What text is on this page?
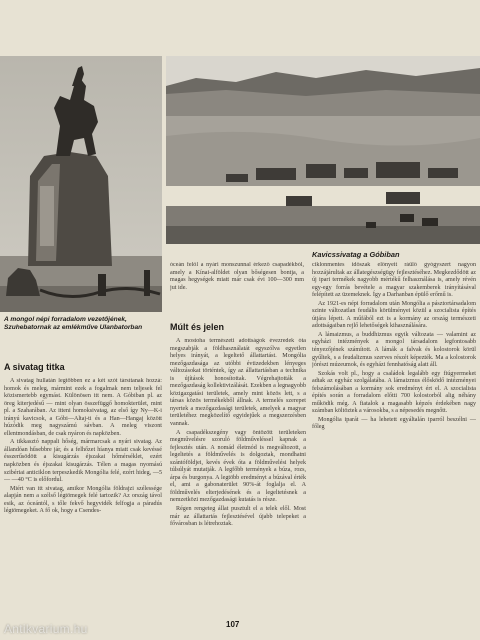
A mongol népi forradalom vezetőjének, Szuhebatornak az emlékműve Ulanbatorban
Kavicssivatag a Góbiban
A sivatag titka
Múlt és jelen

A sivatag hullatán legtöbben ez a két szót társítanak hozzá: homok és meleg, mármint ezek a fogalmak nem teljesek fel közismertebb egymást. Különösen itt nem. A Góbiban pl. az öreg kiterjedésű — mint olyan összefüggő homokterület, mint pl. a Szaharában. Az itteni homoksivatag, az első így Ny—K-i irányú kavicsok, a Góbi—Altaj-ti és a Han—Hangaj között húzódik meg nagyszámú sávban. A meleg viszont ellentmondásban, de csak nyáron és napközben.

A tikkasztó nappali hőség, mármarcsak a nyári sivatag. Az állandóan hűsebbre jár, és a felhőzet híanya miatt csak kevéssé ésszerűsödött a kisugárzás éjszakai hőmérséklet, ezért napközben és éjszakai kisugárzás. Télen a magas nyomású szibériai anticiklon terpeszkedik Mongólia felé, ezért hideg, —5— —40 °C is előfordul.

Miért van itt sivatag, amikor Mongólia földrajzi szélessége alapján nem a szélső légtömegek felé tartozik? Az ország távol esik, az óceántól, s tőle fekvő hegyvidék felfogja a páradús légtömegeket. A fő ok, hogy a Csendes-

óceán felől a nyári monszunnal érkező csapadékból, amely a Kínai-alföldet olyan bőségesen bontja, a magas hegységek miatt már csak évi 100—300 mm jut ide.

A mostoha természeti adottságok évezredek óta megszabják a földhasználatát egyszólva egyetlen helyes irányát, a legeltető állattartást. Mongólia mezőgazdasága az utóbbi évtizedekben lényeges változásokat történtek, így az állattartásban a technika is újítások honosítottak. Végrehajtották a mezőgazdaság kollektivizálását. Ezekben a legnagyobb közigazgatási területek, amely mint közös lett, s a társas közös termékekből állnak. A termelés szerepet nyertek a mezőgazdasági területek, amelyek a magyar területéhez megközelítő egyidejűek a megszerzésben vannak.

A csapadékszegény vagy öntözött területeken megművelésre szoruló földműveléssel kapnak a fejlesztés után. A nomád életmód is megváltozott, a legeltetés a földművelés is dolgoztak, mondhatni szántóföldjei, kevés évek óta a földművelési helyek túlsúlyát mutatják. A legfőbb termények a búza, rozs, árpa és burgonya. A legtöbb eredményt a búzával érték el, ami a gabonaterület 90%-át foglalja el. A földművelés elterjedésének és a legeltetésnek a nemzetközi mezőgazdasági kutatás is része.

Régen rengeteg állat pusztult el a telek elől. Most már az állattartás fejlesztésével újabb telepeket a fővárosban is létrehoztak.

ciklonmentes időszak előnyeit ráülő gyógyszert nagyon hozzájárultak az állategészségügy fejlesztéséhez. Megkezdődött az új ipari termékek nagyobb mértékű felhasználása is, amely révén egy-egy forrás bevétele a magyar szakemberek irányításával felépített az üzemeknek. Így a Darhanban épülő erőmű is.

Az 1921-es népi forradalom után Mongólia a pásztortársadalom szinte változatlan feudális körülményei közül a szocialista építés útjára lépett. A műfából ezt is a kormány az ország természeti adottságaiban rejlő lehetőségek kihasználására.

A lámaizmus, a buddhizmus egyik változata — valamint az egyházi intézmények a mongol társadalom legfontosabb tényezőjének számított. A lámák a falvak és kolostorok körül gyűltek, s a feudalizmus szerves részét képezték. Ma a kolostorok jórészt múzeumok, és egyházi fennhatóság alatt áll.

Szokás volt pl., hogy a családok legalább egy fiúgyermeket adtak az egyház szolgálatába. A lámaizmus élősködő intézményei felszámolásában a kormány sok eredményt ért el. A szocialista építés során a forradalom előtti 700 kolostorból alig néhány működik még. A fiatalok a magasabb képzés érdekében nagy számban költöztek a városokba, s a népesedés megnőtt.

Mongólia iparát — ha lehetett egyáltalán iparról beszélni — főleg

107
Antikvarium.hu
